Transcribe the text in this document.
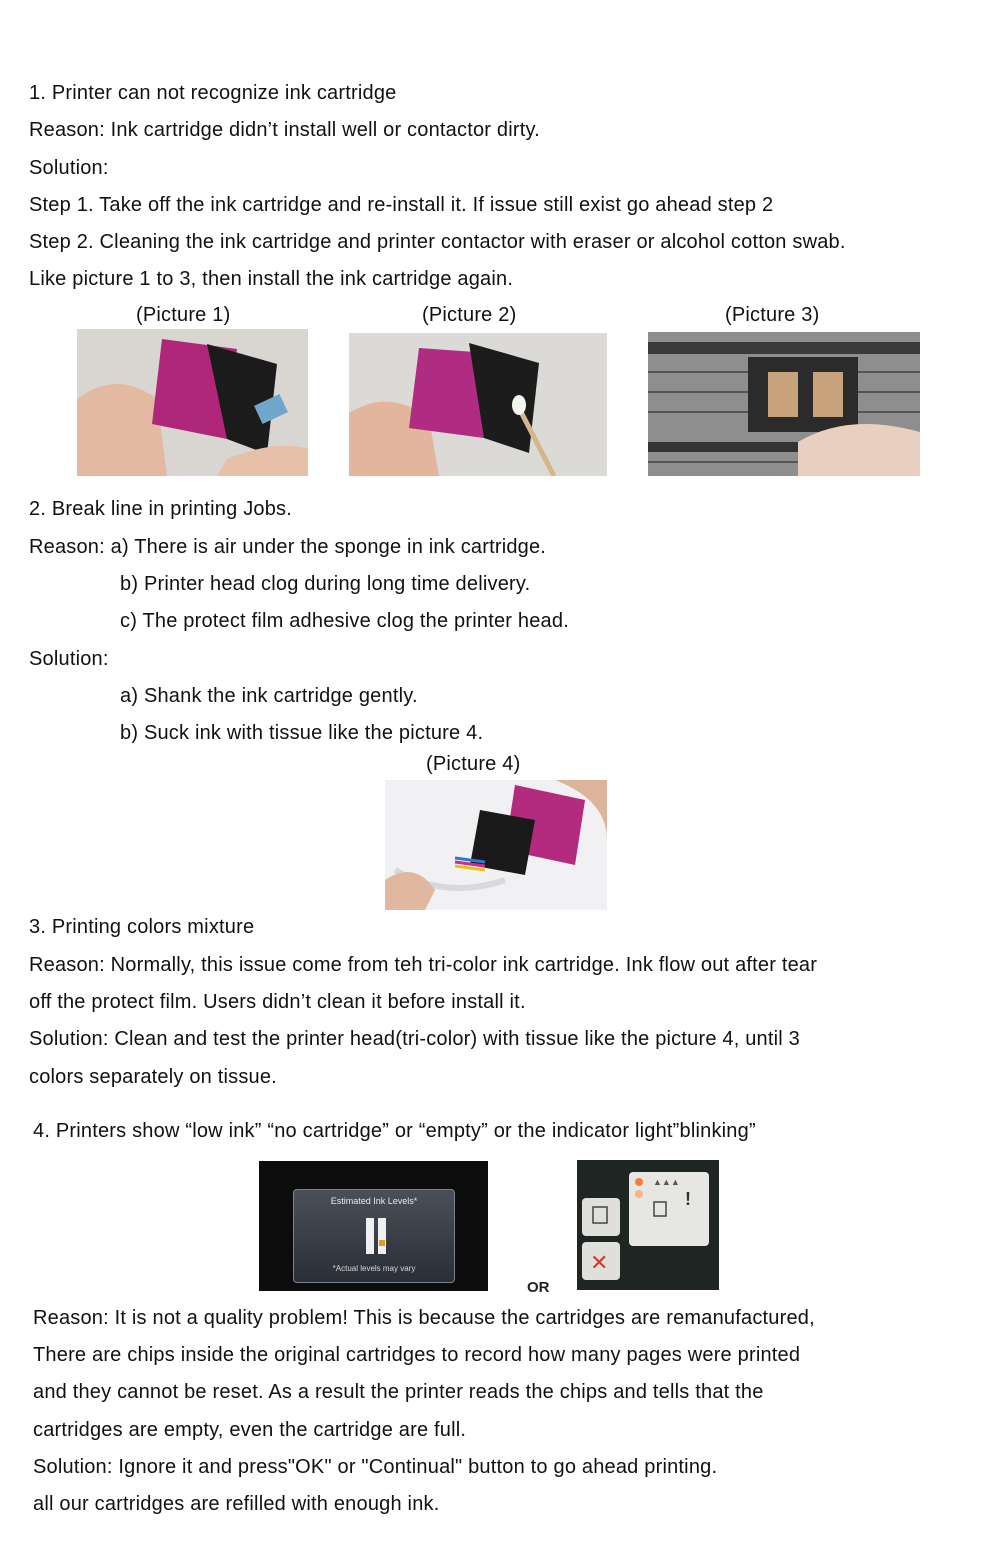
1. Printer can not recognize ink cartridge
Reason: Ink cartridge didn’t install well or contactor dirty.
Solution:
Step 1. Take off the ink cartridge and re-install it. If issue still exist go ahead step 2
Step 2. Cleaning the ink cartridge and printer contactor with eraser or alcohol cotton swab.
Like picture 1 to 3, then install the ink cartridge again.
(Picture 1)	(Picture 2)	(Picture 3)
2. Break line in printing Jobs.
Reason: a) There is air under the sponge in ink cartridge.
b) Printer head clog during long time delivery.
c) The protect film adhesive clog the printer head.
Solution:
a) Shank the ink cartridge gently.
b) Suck ink with tissue like the picture 4.
(Picture 4)
3. Printing colors mixture
Reason: Normally, this issue come from teh tri-color ink cartridge. Ink flow out after tear
off the protect film. Users didn’t clean it before install it.
Solution: Clean and test the printer head(tri-color) with tissue like the picture 4, until 3
colors separately on tissue.
4. Printers show “low ink” “no cartridge” or “empty” or the indicator light”blinking”
Estimated Ink Levels*
*Actual levels may vary
OR
▲▲▲
!
✕
Reason: It is not a quality problem! This is because the cartridges are remanufactured,
There are chips inside the original cartridges to record how many pages were printed
and they cannot be reset. As a result the printer reads the chips and tells that the
cartridges are empty, even the cartridge are full.
Solution: Ignore it and press"OK" or "Continual" button to go ahead printing.
all our cartridges are refilled with enough ink.
